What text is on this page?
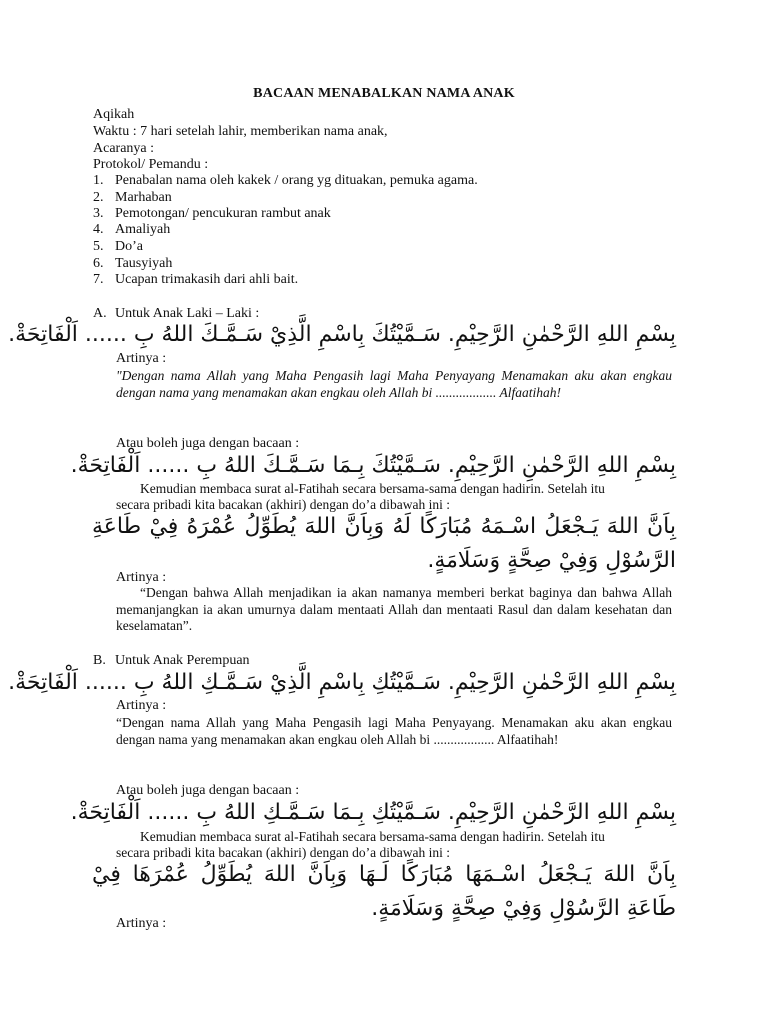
BACAAN MENABALKAN NAMA ANAK
Aqikah
Waktu : 7 hari setelah lahir, memberikan nama anak,
Acaranya :
Protokol/ Pemandu :
1. Penabalan nama oleh kakek / orang yg dituakan, pemuka agama.
2. Marhaban
3. Pemotongan/ pencukuran rambut anak
4. Amaliyah
5. Do’a
6. Tausyiyah
7. Ucapan trimakasih dari ahli bait.
A. Untuk Anak Laki – Laki :
بِسْمِ اللهِ الرَّحْمٰنِ الرَّحِيْمِ. سَـمَّيْتُكَ بِاسْمِ الَّذِيْ سَـمَّـكَ اللهُ بِ ...... اَلْفَاتِحَةْ.
Artinya :
"Dengan nama Allah yang Maha Pengasih lagi Maha Penyayang Menamakan aku akan engkau dengan nama yang menamakan akan engkau oleh Allah bi .................. Alfaatihah!
Atau boleh juga dengan bacaan :
بِسْمِ اللهِ الرَّحْمٰنِ الرَّحِيْمِ. سَـمَّيْتُكَ بِـمَا سَـمَّـكَ اللهُ بِ ...... اَلْفَاتِحَةْ.
Kemudian membaca surat al-Fatihah secara bersama-sama dengan hadirin. Setelah itu
secara pribadi kita bacakan (akhiri) dengan do’a dibawah ini :
بِاَنَّ اللهَ يَـجْعَلُ اسْـمَهُ مُبَارَكًا لَهُ وَبِاَنَّ اللهَ يُطَوِّلُ عُمْرَهُ فِيْ طَاعَةِ الرَّسُوْلِ وَفِيْ صِحَّةٍ وَسَلَامَةٍ.
Artinya :
“Dengan bahwa Allah menjadikan ia akan namanya memberi berkat baginya dan bahwa Allah memanjangkan ia akan umurnya dalam mentaati Allah dan mentaati Rasul dan dalam kesehatan dan keselamatan”.
B. Untuk Anak Perempuan
بِسْمِ اللهِ الرَّحْمٰنِ الرَّحِيْمِ. سَـمَّيْتُكِ بِاسْمِ الَّذِيْ سَـمَّـكِ اللهُ بِ ...... اَلْفَاتِحَةْ.
Artinya :
“Dengan nama Allah yang Maha Pengasih lagi Maha Penyayang. Menamakan aku akan engkau dengan nama yang menamakan akan engkau oleh Allah bi .................. Alfaatihah!
Atau boleh juga dengan bacaan :
بِسْمِ اللهِ الرَّحْمٰنِ الرَّحِيْمِ. سَـمَّيْتُكِ بِـمَا سَـمَّـكِ اللهُ بِ ...... اَلْفَاتِحَةْ.
Kemudian membaca surat al-Fatihah secara bersama-sama dengan hadirin. Setelah itu
secara pribadi kita bacakan (akhiri) dengan do’a dibawah ini :
بِاَنَّ اللهَ يَـجْعَلُ اسْـمَهَا مُبَارَكًا لَـهَا وَبِاَنَّ اللهَ يُطَوِّلُ عُمْرَهَا فِيْ طَاعَةِ الرَّسُوْلِ وَفِيْ صِحَّةٍ وَسَلَامَةٍ.
Artinya :
